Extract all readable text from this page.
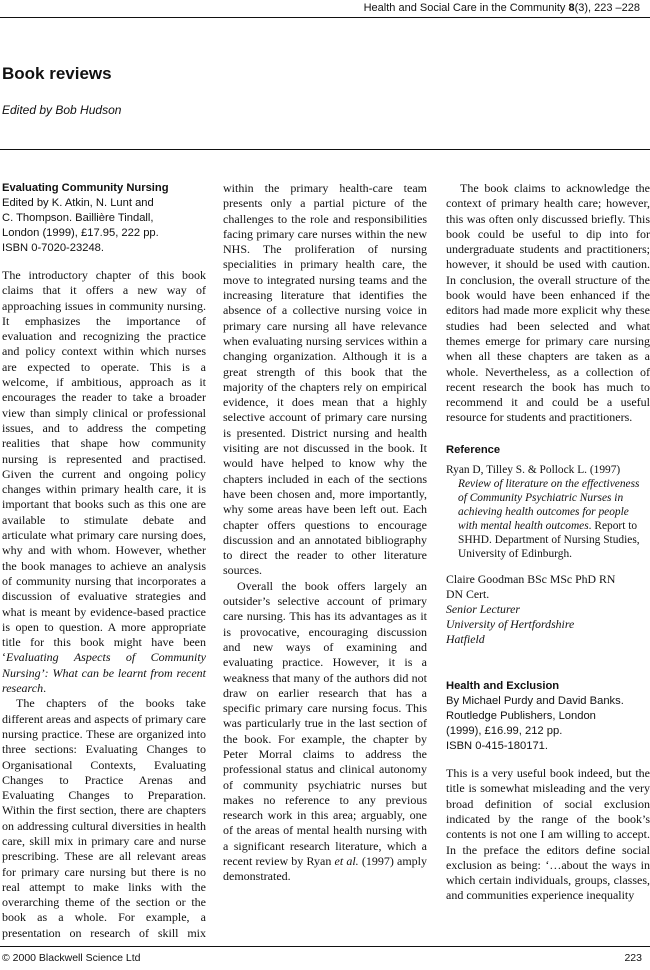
Health and Social Care in the Community 8(3), 223 –228
Book reviews
Edited by Bob Hudson
Evaluating Community Nursing
Edited by K. Atkin, N. Lunt and
C. Thompson. Baillière Tindall,
London (1999), £17.95, 222 pp.
ISBN 0-7020-23248.

The introductory chapter of this book claims that it offers a new way of approaching issues in community nursing. It emphasizes the importance of evaluation and recognizing the practice and policy context within which nurses are expected to operate. This is a welcome, if ambitious, approach as it encourages the reader to take a broader view than simply clinical or professional issues, and to address the competing realities that shape how community nursing is represented and practised. Given the current and ongoing policy changes within primary health care, it is important that books such as this one are available to stimulate debate and articulate what primary care nursing does, why and with whom. However, whether the book manages to achieve an analysis of community nursing that incorporates a discussion of evaluative strategies and what is meant by evidence-based practice is open to question. A more appropriate title for this book might have been ‘Evaluating Aspects of Community Nursing’: What can be learnt from recent research.

The chapters of the books take different areas and aspects of primary care nursing practice. These are organized into three sections: Evaluating Changes to Organisational Contexts, Evaluating Changes to Practice Arenas and Evaluating Changes to Preparation. Within the first section, there are chapters on addressing cultural diversities in health care, skill mix in primary care and nurse prescribing. These are all relevant areas for primary care nursing but there is no real attempt to make links with the overarching theme of the section or the book as a whole. For example, a presentation on research of skill mix

within the primary health-care team presents only a partial picture of the challenges to the role and responsibilities facing primary care nurses within the new NHS. The proliferation of nursing specialities in primary health care, the move to integrated nursing teams and the increasing literature that identifies the absence of a collective nursing voice in primary care nursing all have relevance when evaluating nursing services within a changing organization. Although it is a great strength of this book that the majority of the chapters rely on empirical evidence, it does mean that a highly selective account of primary care nursing is presented. District nursing and health visiting are not discussed in the book. It would have helped to know why the chapters included in each of the sections have been chosen and, more importantly, why some areas have been left out. Each chapter offers questions to encourage discussion and an annotated bibliography to direct the reader to other literature sources.

Overall the book offers largely an outsider’s selective account of primary care nursing. This has its advantages as it is provocative, encouraging discussion and new ways of examining and evaluating practice. However, it is a weakness that many of the authors did not draw on earlier research that has a specific primary care nursing focus. This was particularly true in the last section of the book. For example, the chapter by Peter Morral claims to address the professional status and clinical autonomy of community psychiatric nurses but makes no reference to any previous research work in this area; arguably, one of the areas of mental health nursing with a significant research literature, which a recent review by Ryan et al. (1997) amply demonstrated.

The book claims to acknowledge the context of primary health care; however, this was often only discussed briefly. This book could be useful to dip into for undergraduate students and practitioners; however, it should be used with caution. In conclusion, the overall structure of the book would have been enhanced if the editors had made more explicit why these studies had been selected and what themes emerge for primary care nursing when all these chapters are taken as a whole. Nevertheless, as a collection of recent research the book has much to recommend it and could be a useful resource for students and practitioners.

Reference
Ryan D, Tilley S. & Pollock L. (1997) Review of literature on the effectiveness of Community Psychiatric Nurses in achieving health outcomes for people with mental health outcomes. Report to SHHD. Department of Nursing Studies, University of Edinburgh.
Claire Goodman BSc MSc PhD RN
DN Cert.
Senior Lecturer
University of Hertfordshire
Hatfield
Health and Exclusion
By Michael Purdy and David Banks.
Routledge Publishers, London
(1999), £16.99, 212 pp.
ISBN 0-415-180171.

This is a very useful book indeed, but the title is somewhat misleading and the very broad definition of social exclusion indicated by the range of the book’s contents is not one I am willing to accept. In the preface the editors define social exclusion as being: ‘…about the ways in which certain individuals, groups, classes, and communities experience inequality

© 2000 Blackwell Science Ltd	223
